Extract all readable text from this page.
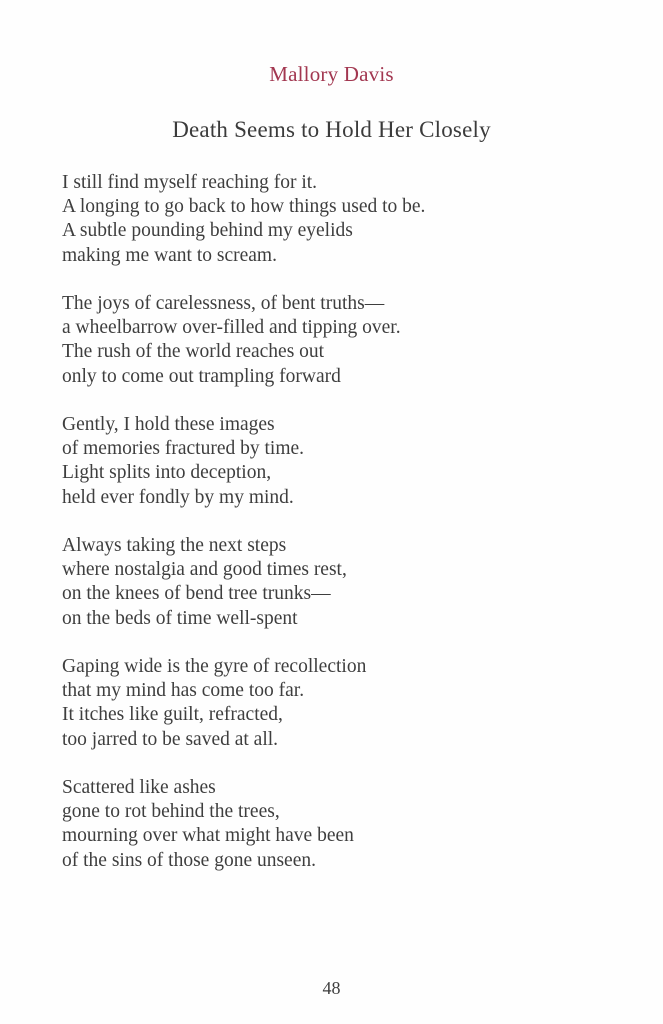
Mallory Davis
Death Seems to Hold Her Closely

I still find myself reaching for it.

A longing to go back to how things used to be.

A subtle pounding behind my eyelids

making me want to scream.

The joys of carelessness, of bent truths—

a wheelbarrow over-filled and tipping over.

The rush of the world reaches out

only to come out trampling forward

Gently, I hold these images

of memories fractured by time.

Light splits into deception,

held ever fondly by my mind.

Always taking the next steps

where nostalgia and good times rest,

on the knees of bend tree trunks—

on the beds of time well-spent

Gaping wide is the gyre of recollection

that my mind has come too far.

It itches like guilt, refracted,

too jarred to be saved at all.

Scattered like ashes

gone to rot behind the trees,

mourning over what might have been

of the sins of those gone unseen.

48
